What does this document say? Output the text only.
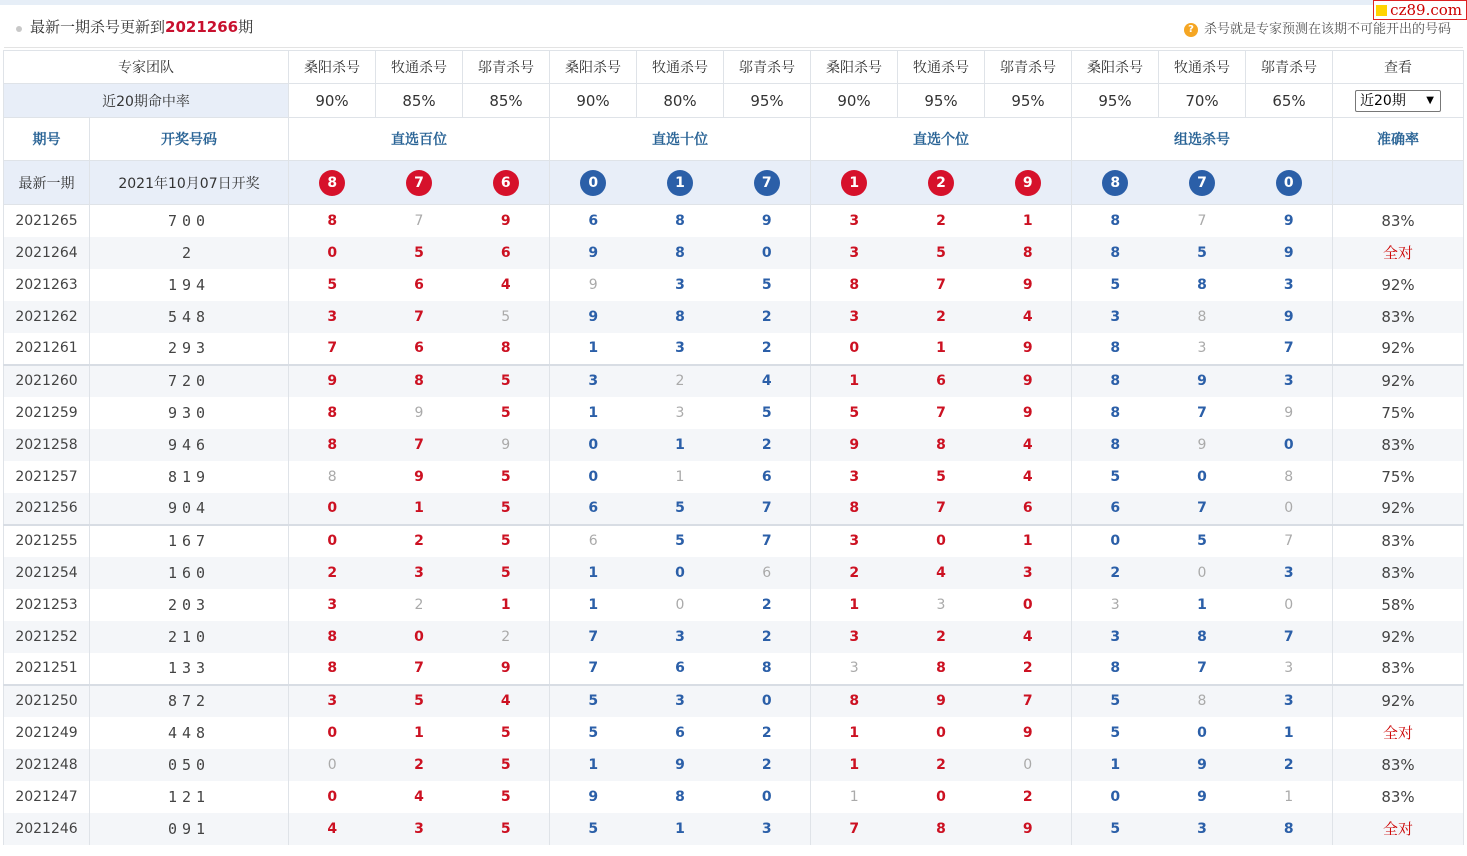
最新一期杀号更新到2021266期	? 杀号就是专家预测在该期不可能开出的号码
cz89.com
专家团队		桑阳杀号	牧通杀号	邬青杀号	桑阳杀号	牧通杀号	邬青杀号	桑阳杀号	牧通杀号	邬青杀号	桑阳杀号	牧通杀号	邬青杀号	查看
近20期命中率		90%	85%	85%	90%	80%	95%	90%	95%	95%	95%	70%	65%	近20期 ▼

期号	开奖号码	直选百位			直选十位			直选个位			组选杀号			准确率
最新一期	2021年10月07日开奖	8	7	6	0	1	7	1	2	9	8	7	0	
2021265	700	8	7	9	6	8	9	3	2	1	8	7	9	83%
2021264	2	0	5	6	9	8	0	3	5	8	8	5	9	全对
2021263	194	5	6	4	9	3	5	8	7	9	5	8	3	92%
2021262	548	3	7	5	9	8	2	3	2	4	3	8	9	83%
2021261	293	7	6	8	1	3	2	0	1	9	8	3	7	92%
2021260	720	9	8	5	3	2	4	1	6	9	8	9	3	92%
2021259	930	8	9	5	1	3	5	5	7	9	8	7	9	75%
2021258	946	8	7	9	0	1	2	9	8	4	8	9	0	83%
2021257	819	8	9	5	0	1	6	3	5	4	5	0	8	75%
2021256	904	0	1	5	6	5	7	8	7	6	6	7	0	92%
2021255	167	0	2	5	6	5	7	3	0	1	0	5	7	83%
2021254	160	2	3	5	1	0	6	2	4	3	2	0	3	83%
2021253	203	3	2	1	1	0	2	1	3	0	3	1	0	58%
2021252	210	8	0	2	7	3	2	3	2	4	3	8	7	92%
2021251	133	8	7	9	7	6	8	3	8	2	8	7	3	83%
2021250	872	3	5	4	5	3	0	8	9	7	5	8	3	92%
2021249	448	0	1	5	5	6	2	1	0	9	5	0	1	全对
2021248	050	0	2	5	1	9	2	1	2	0	1	9	2	83%
2021247	121	0	4	5	9	8	0	1	0	2	0	9	1	83%
2021246	091	4	3	5	5	1	3	7	8	9	5	3	8	全对
